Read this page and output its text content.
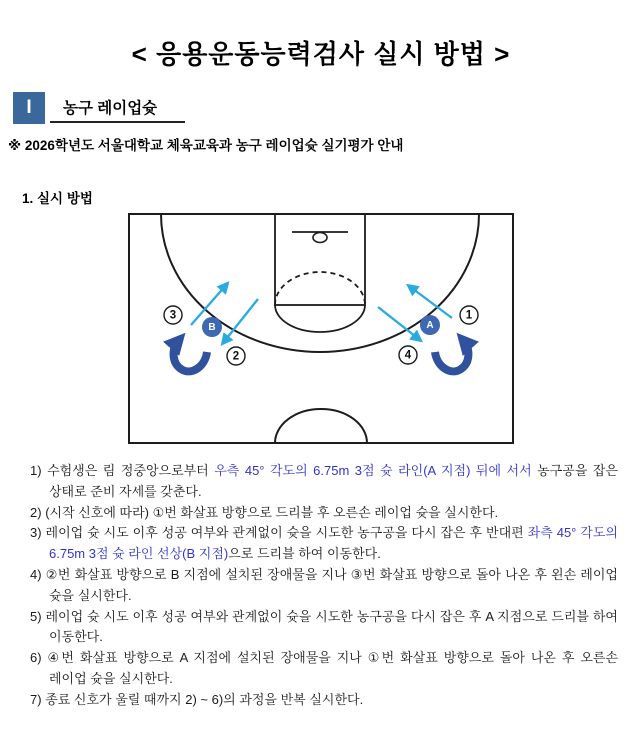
< 응용운동능력검사 실시 방법 >
I	농구 레이업슛
※ 2026학년도 서울대학교 체육교육과 농구 레이업슛 실기평가 안내
1. 실시 방법
B	A
3
2
1
4
1) 수험생은 림 정중앙으로부터 우측 45° 각도의 6.75m 3점 슛 라인(A 지점) 뒤에 서서 농구공을 잡은 상태로 준비 자세를 갖춘다.
2) (시작 신호에 따라) ①번 화살표 방향으로 드리블 후 오른손 레이업 슛을 실시한다.
3) 레이업 슛 시도 이후 성공 여부와 관계없이 슛을 시도한 농구공을 다시 잡은 후 반대편 좌측 45° 각도의 6.75m 3점 슛 라인 선상(B 지점)으로 드리블 하여 이동한다.
4) ②번 화살표 방향으로 B 지점에 설치된 장애물을 지나 ③번 화살표 방향으로 돌아 나온 후 왼손 레이업 슛을 실시한다.
5) 레이업 슛 시도 이후 성공 여부와 관계없이 슛을 시도한 농구공을 다시 잡은 후 A 지점으로 드리블 하여 이동한다.
6) ④번 화살표 방향으로 A 지점에 설치된 장애물을 지나 ①번 화살표 방향으로 돌아 나온 후 오른손 레이업 슛을 실시한다.
7) 종료 신호가 울릴 때까지 2) ~ 6)의 과정을 반복 실시한다.
